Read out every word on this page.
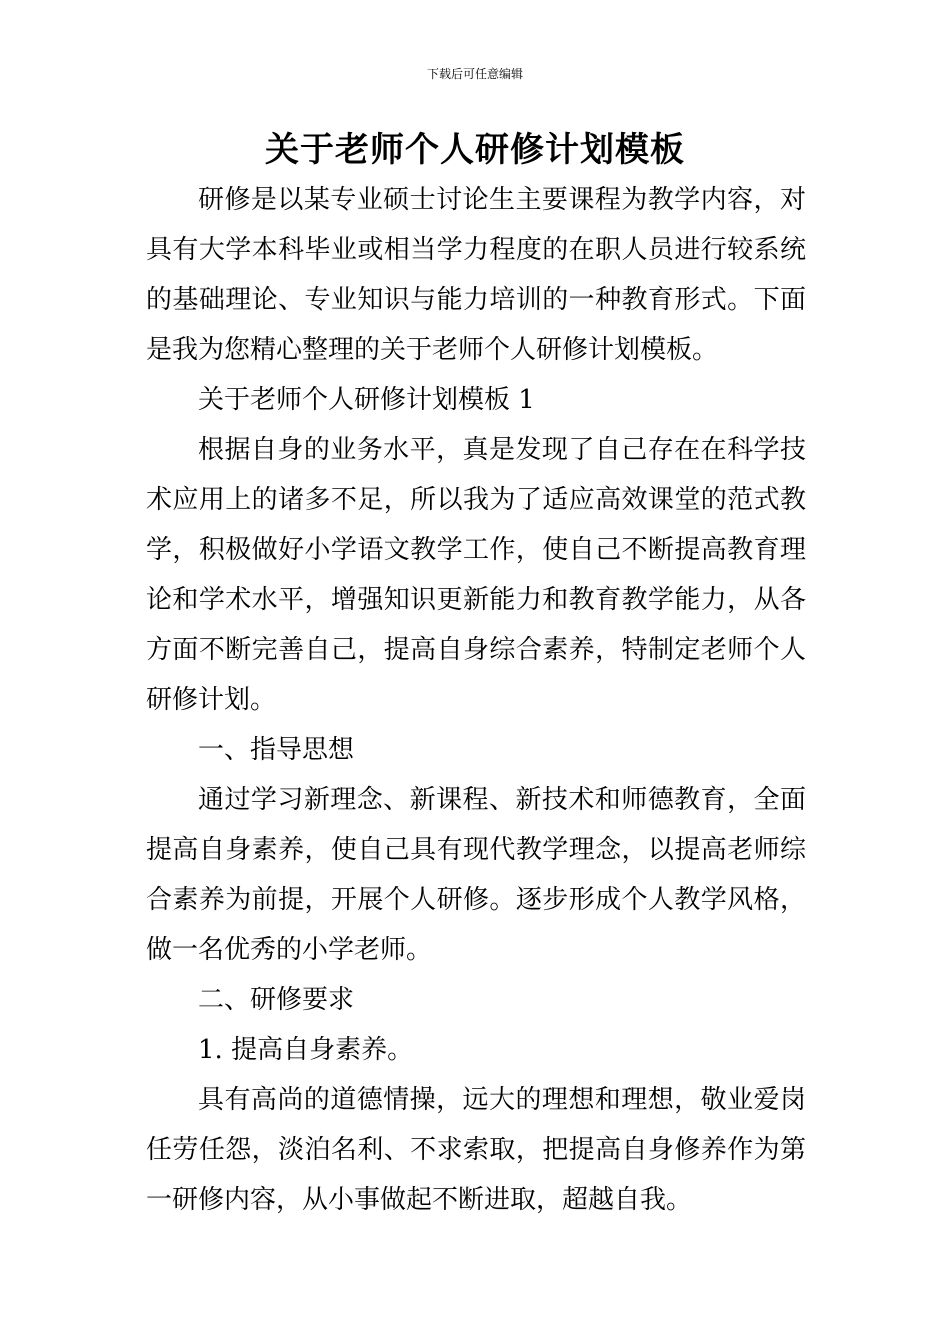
下载后可任意编辑
关于老师个人研修计划模板

研修是以某专业硕士讨论生主要课程为教学内容，对具有大学本科毕业或相当学力程度的在职人员进行较系统的基础理论、专业知识与能力培训的一种教育形式。下面是我为您精心整理的关于老师个人研修计划模板。

关于老师个人研修计划模板 1

根据自身的业务水平，真是发现了自己存在在科学技术应用上的诸多不足，所以我为了适应高效课堂的范式教学，积极做好小学语文教学工作，使自己不断提高教育理论和学术水平，增强知识更新能力和教育教学能力，从各方面不断完善自己，提高自身综合素养，特制定老师个人研修计划。

一、指导思想

通过学习新理念、新课程、新技术和师德教育，全面提高自身素养，使自己具有现代教学理念，以提高老师综合素养为前提，开展个人研修。逐步形成个人教学风格，做一名优秀的小学老师。

二、研修要求

1. 提高自身素养。

具有高尚的道德情操，远大的理想和理想，敬业爱岗任劳任怨，淡泊名利、不求索取，把提高自身修养作为第一研修内容，从小事做起不断进取，超越自我。
